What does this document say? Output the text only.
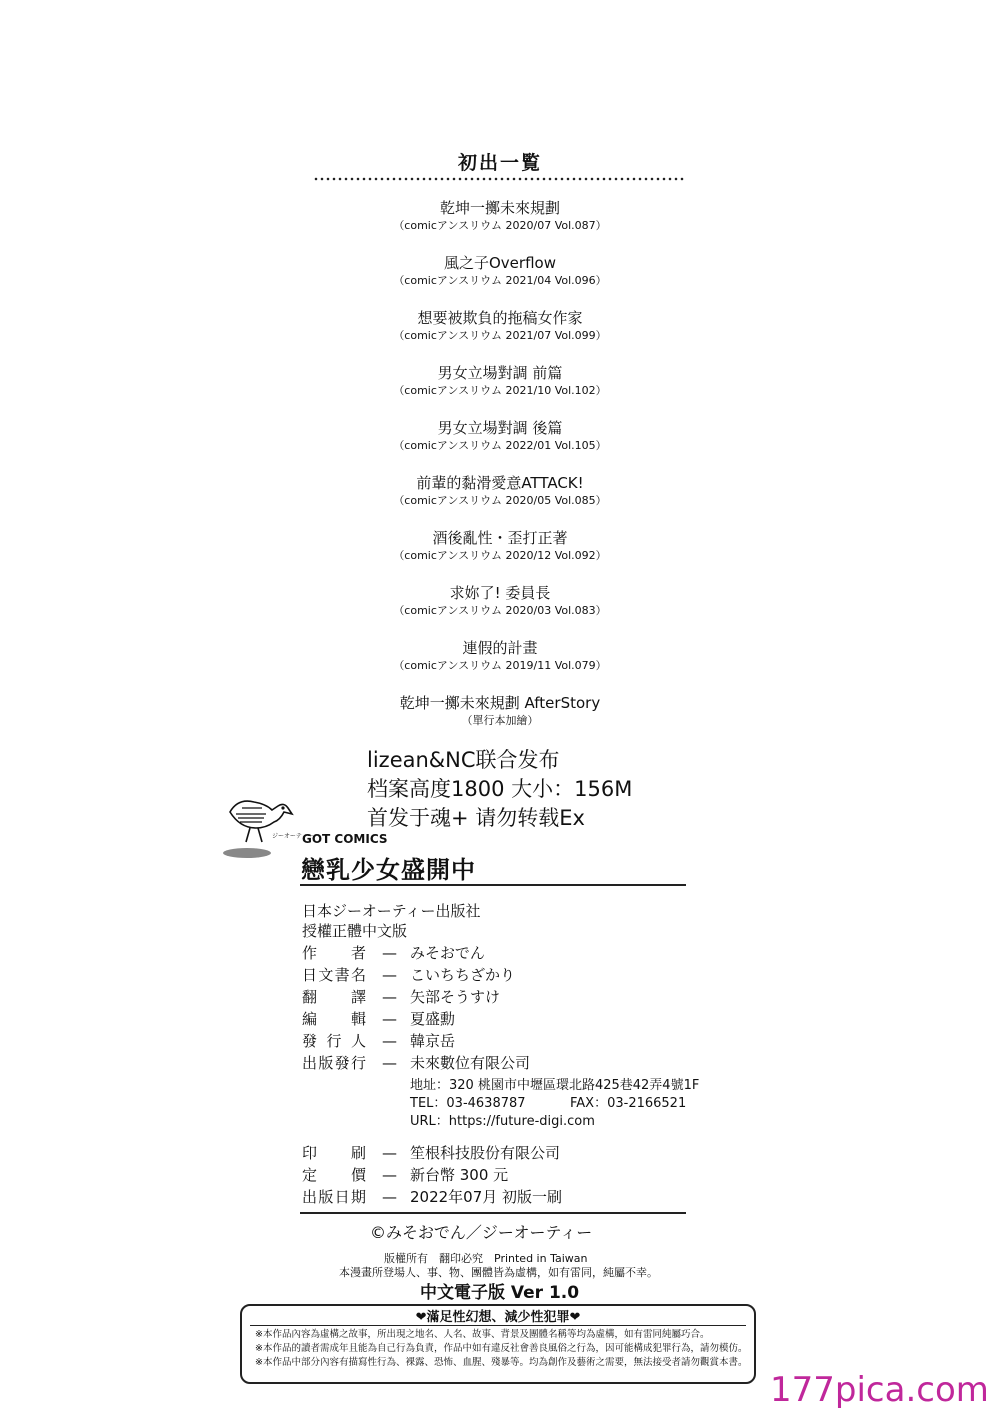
初出一覧
乾坤一擲未來規劃
（comicアンスリウム 2020/07 Vol.087）
風之子Overflow
（comicアンスリウム 2021/04 Vol.096）
想要被欺負的拖稿女作家
（comicアンスリウム 2021/07 Vol.099）
男女立場對調 前篇
（comicアンスリウム 2021/10 Vol.102）
男女立場對調 後篇
（comicアンスリウム 2022/01 Vol.105）
前輩的黏滑愛意ATTACK!
（comicアンスリウム 2020/05 Vol.085）
酒後亂性・歪打正著
（comicアンスリウム 2020/12 Vol.092）
求妳了! 委員長
（comicアンスリウム 2020/03 Vol.083）
連假的計畫
（comicアンスリウム 2019/11 Vol.079）
乾坤一擲未來規劃 AfterStory
（單行本加繪）
lizean&NC联合发布
档案高度1800 大小：156M
首发于魂+ 请勿转载Ex
ジーオーティー
GOT COMICS
戀乳少女盛開中
日本ジーオーティー出版社
授權正體中文版
作者 — みそおでん
日文書名 — こいちちざかり
翻譯 — 矢部そうすけ
編輯 — 夏盛勳
發行人 — 韓京岳
出版發行 — 未來數位有限公司
地址：320 桃園市中壢區環北路425巷42弄4號1F
TEL：03-4638787	FAX：03-2166521
URL：https://future-digi.com
印刷 — 笙根科技股份有限公司
定價 — 新台幣 300 元
出版日期 — 2022年07月 初版一刷
©みそおでん／ジーオーティー
版權所有　翻印必究　Printed in Taiwan
本漫畫所登場人、事、物、團體皆為虛構，如有雷同，純屬不幸。
中文電子版 Ver 1.0
❤滿足性幻想、減少性犯罪❤
※本作品內容為虛構之故事，所出現之地名、人名、故事、背景及團體名稱等均為虛構，如有雷同純屬巧合。
※本作品的讀者需成年且能為自己行為負責，作品中如有違反社會善良風俗之行為，因可能構成犯罪行為，請勿模仿。
※本作品中部分內容有描寫性行為、裸露、恐怖、血腥、殘暴等。均為創作及藝術之需要，無法接受者請勿觀賞本書。
177pica.com
